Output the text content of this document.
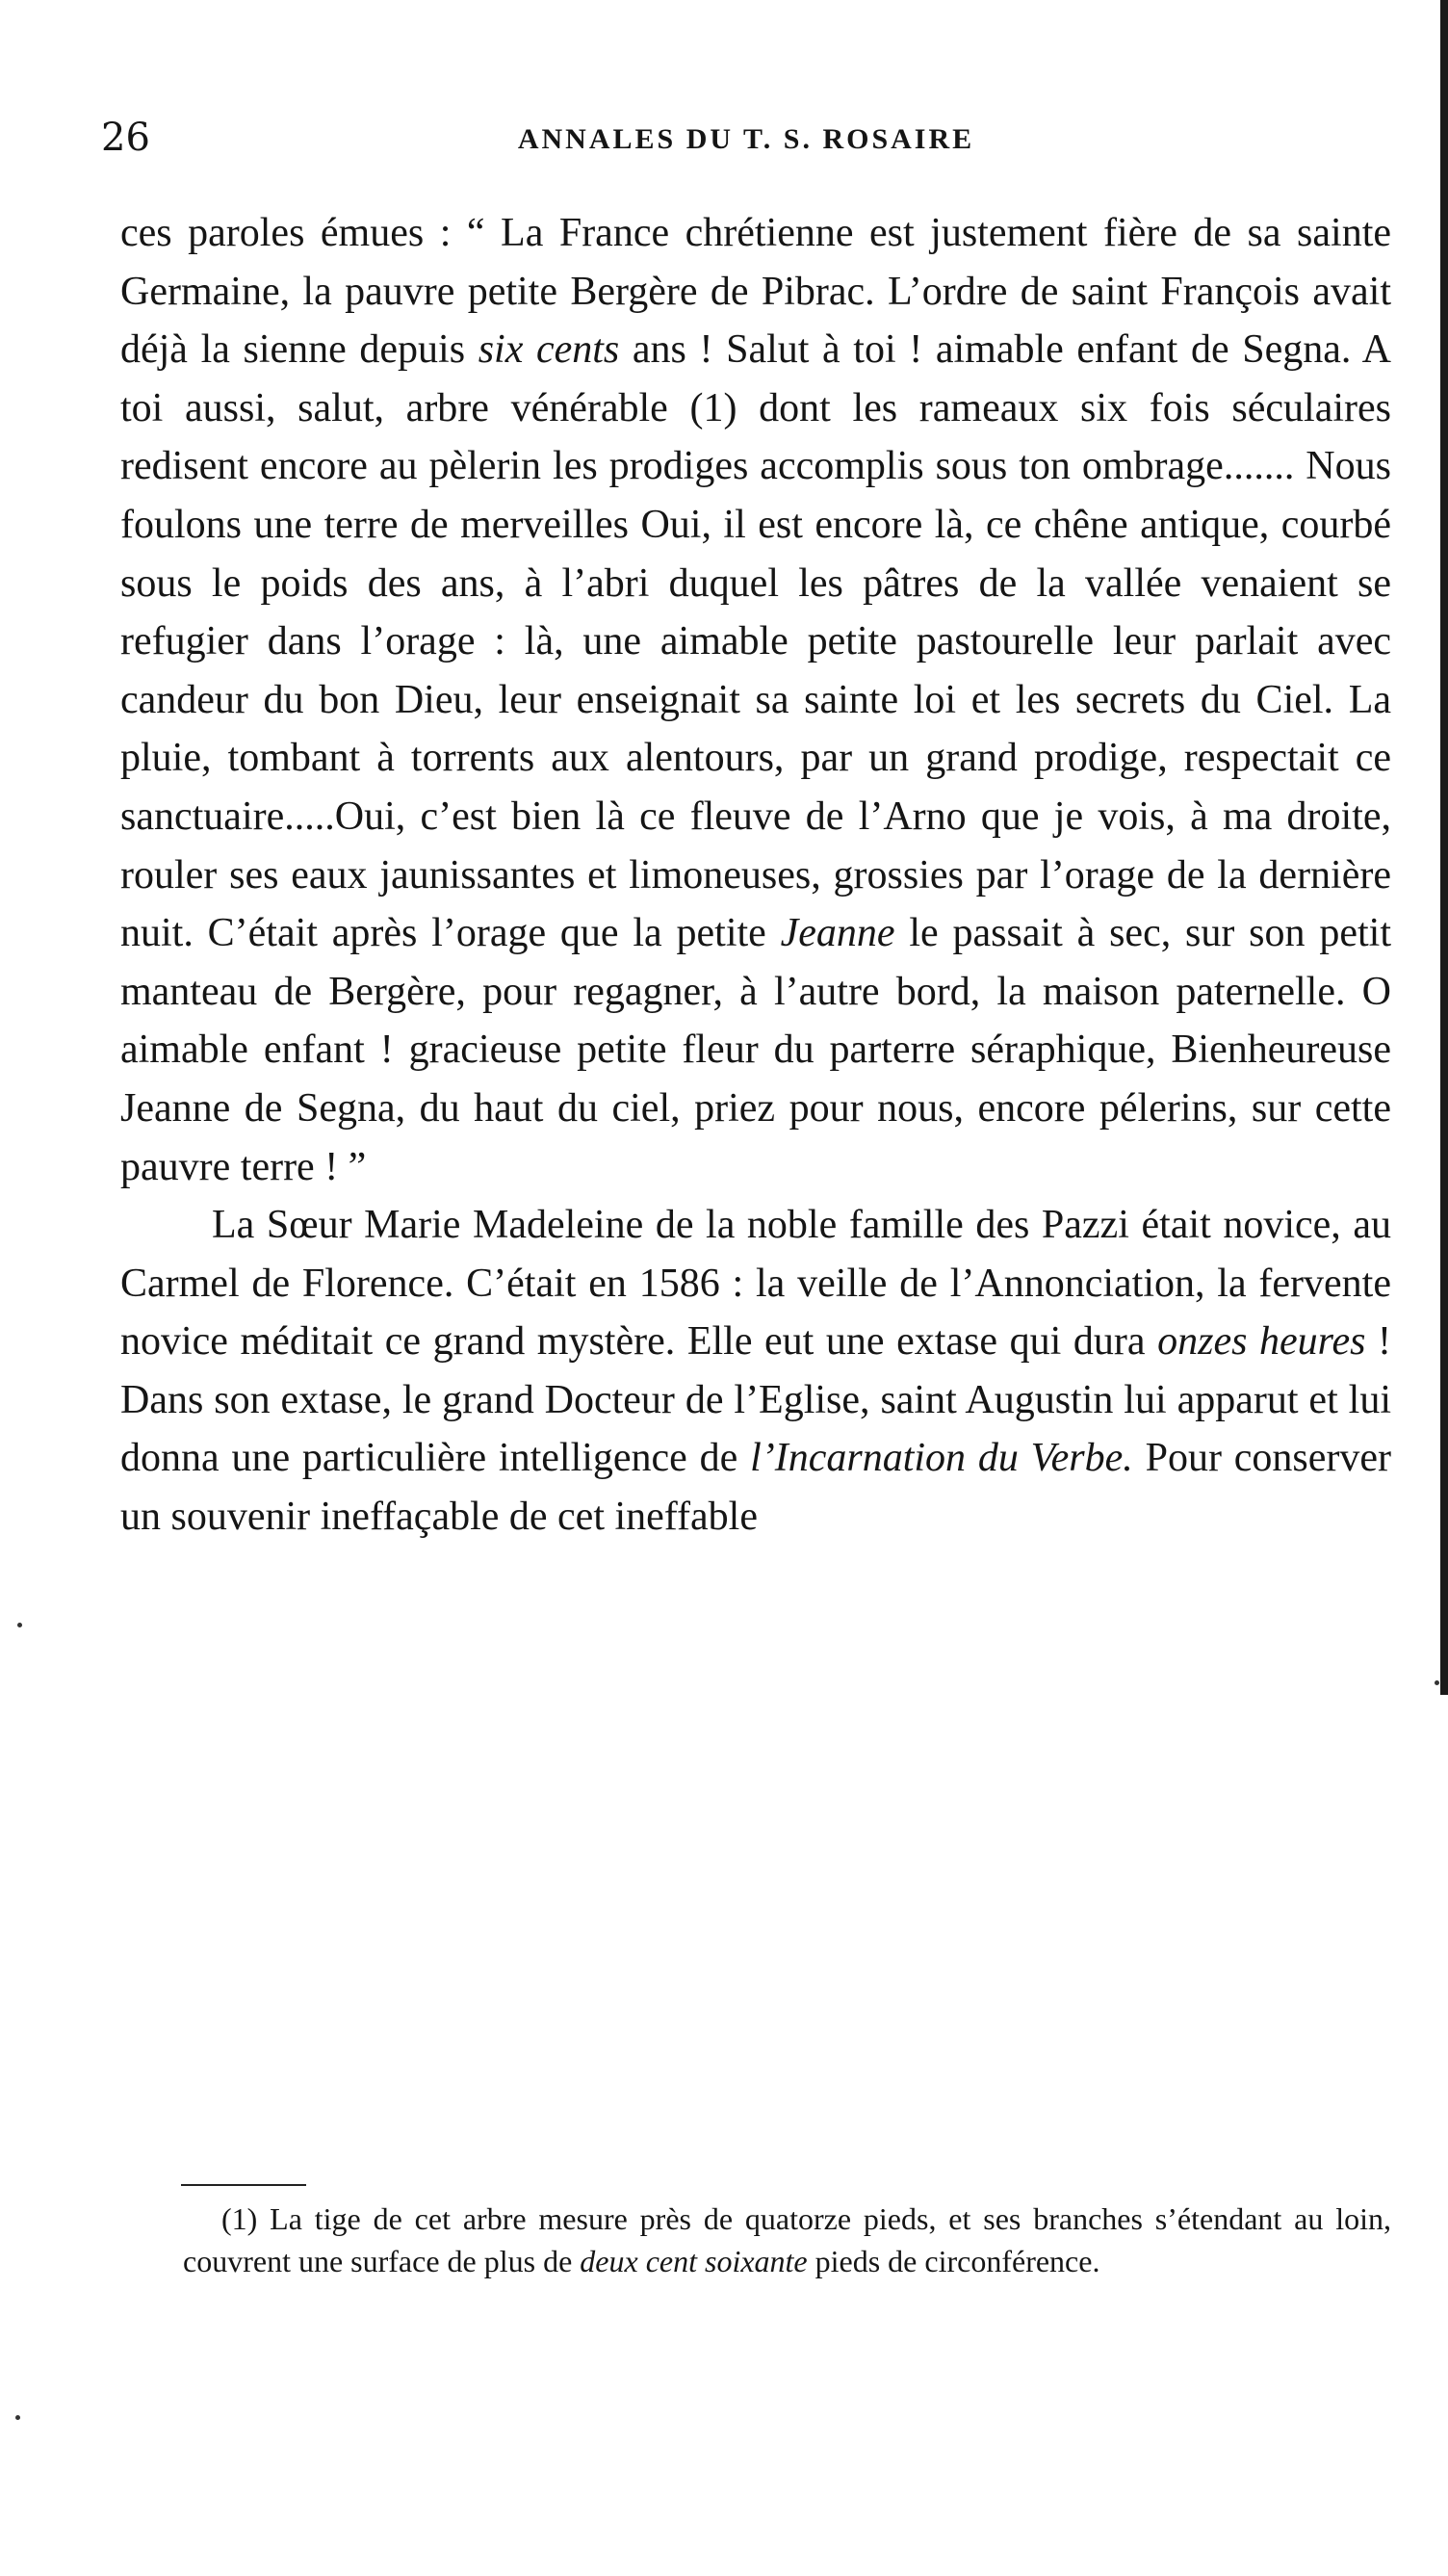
26	ANNALES DU T. S. ROSAIRE

ces paroles émues : “ La France chrétienne est justement fière de sa sainte Germaine, la pauvre petite Bergère de Pibrac. L’ordre de saint François avait déjà la sienne depuis six cents ans ! Salut à toi ! aimable enfant de Segna. A toi aussi, salut, arbre vénérable (1) dont les rameaux six fois séculaires redisent encore au pèlerin les prodiges accomplis sous ton ombrage....... Nous foulons une terre de merveilles Oui, il est encore là, ce chêne antique, courbé sous le poids des ans, à l’abri duquel les pâtres de la vallée venaient se refugier dans l’orage : là, une aimable petite pastourelle leur parlait avec candeur du bon Dieu, leur enseignait sa sainte loi et les secrets du Ciel. La pluie, tombant à torrents aux alentours, par un grand prodige, respectait ce sanctuaire.....Oui, c’est bien là ce fleuve de l’Arno que je vois, à ma droite, rouler ses eaux jaunissantes et limoneuses, grossies par l’orage de la dernière nuit. C’était après l’orage que la petite Jeanne le passait à sec, sur son petit manteau de Bergère, pour regagner, à l’autre bord, la maison paternelle. O aimable enfant ! gracieuse petite fleur du parterre séraphique, Bienheureuse Jeanne de Segna, du haut du ciel, priez pour nous, encore pélerins, sur cette pauvre terre ! ”

La Sœur Marie Madeleine de la noble famille des Pazzi était novice, au Carmel de Florence. C’était en 1586 : la veille de l’Annonciation, la fervente novice méditait ce grand mystère. Elle eut une extase qui dura onzes heures ! Dans son extase, le grand Docteur de l’Eglise, saint Augustin lui apparut et lui donna une particulière intelligence de l’Incarnation du Verbe. Pour conserver un souvenir ineffaçable de cet ineffable

(1) La tige de cet arbre mesure près de quatorze pieds, et ses branches s’étendant au loin, couvrent une surface de plus de deux cent soixante pieds de circonférence.
